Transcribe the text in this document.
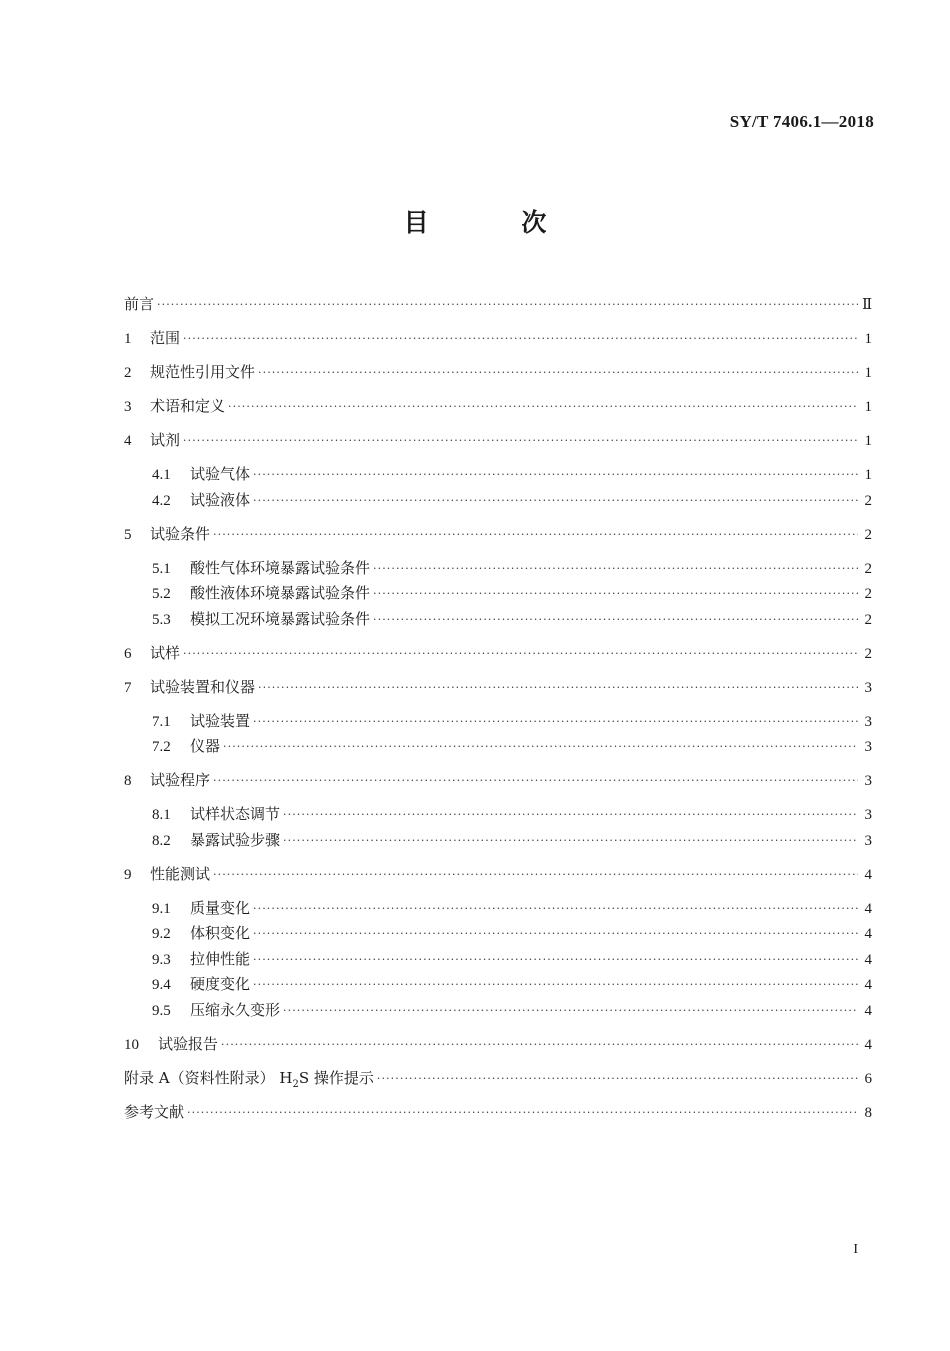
SY/T 7406.1—2018
目 次
前言 ·····	Ⅱ
1	范围 ·····	1
2	规范性引用文件 ·····	1
3	术语和定义 ·····	1
4	试剂 ·····	1
4.1	试验气体 ·····	1
4.2	试验液体 ·····	2
5	试验条件 ·····	2
5.1	酸性气体环境暴露试验条件 ·····	2
5.2	酸性液体环境暴露试验条件 ·····	2
5.3	模拟工况环境暴露试验条件 ·····	2
6	试样 ·····	2
7	试验装置和仪器 ·····	3
7.1	试验装置 ·····	3
7.2	仪器 ·····	3
8	试验程序 ·····	3
8.1	试样状态调节 ·····	3
8.2	暴露试验步骤 ·····	3
9	性能测试 ·····	4
9.1	质量变化 ·····	4
9.2	体积变化 ·····	4
9.3	拉伸性能 ·····	4
9.4	硬度变化 ·····	4
9.5	压缩永久变形 ·····	4
10	试验报告 ·····	4
附录 A（资料性附录） $H_2S$ 操作提示 ·····	6
参考文献 ·····	8
I
